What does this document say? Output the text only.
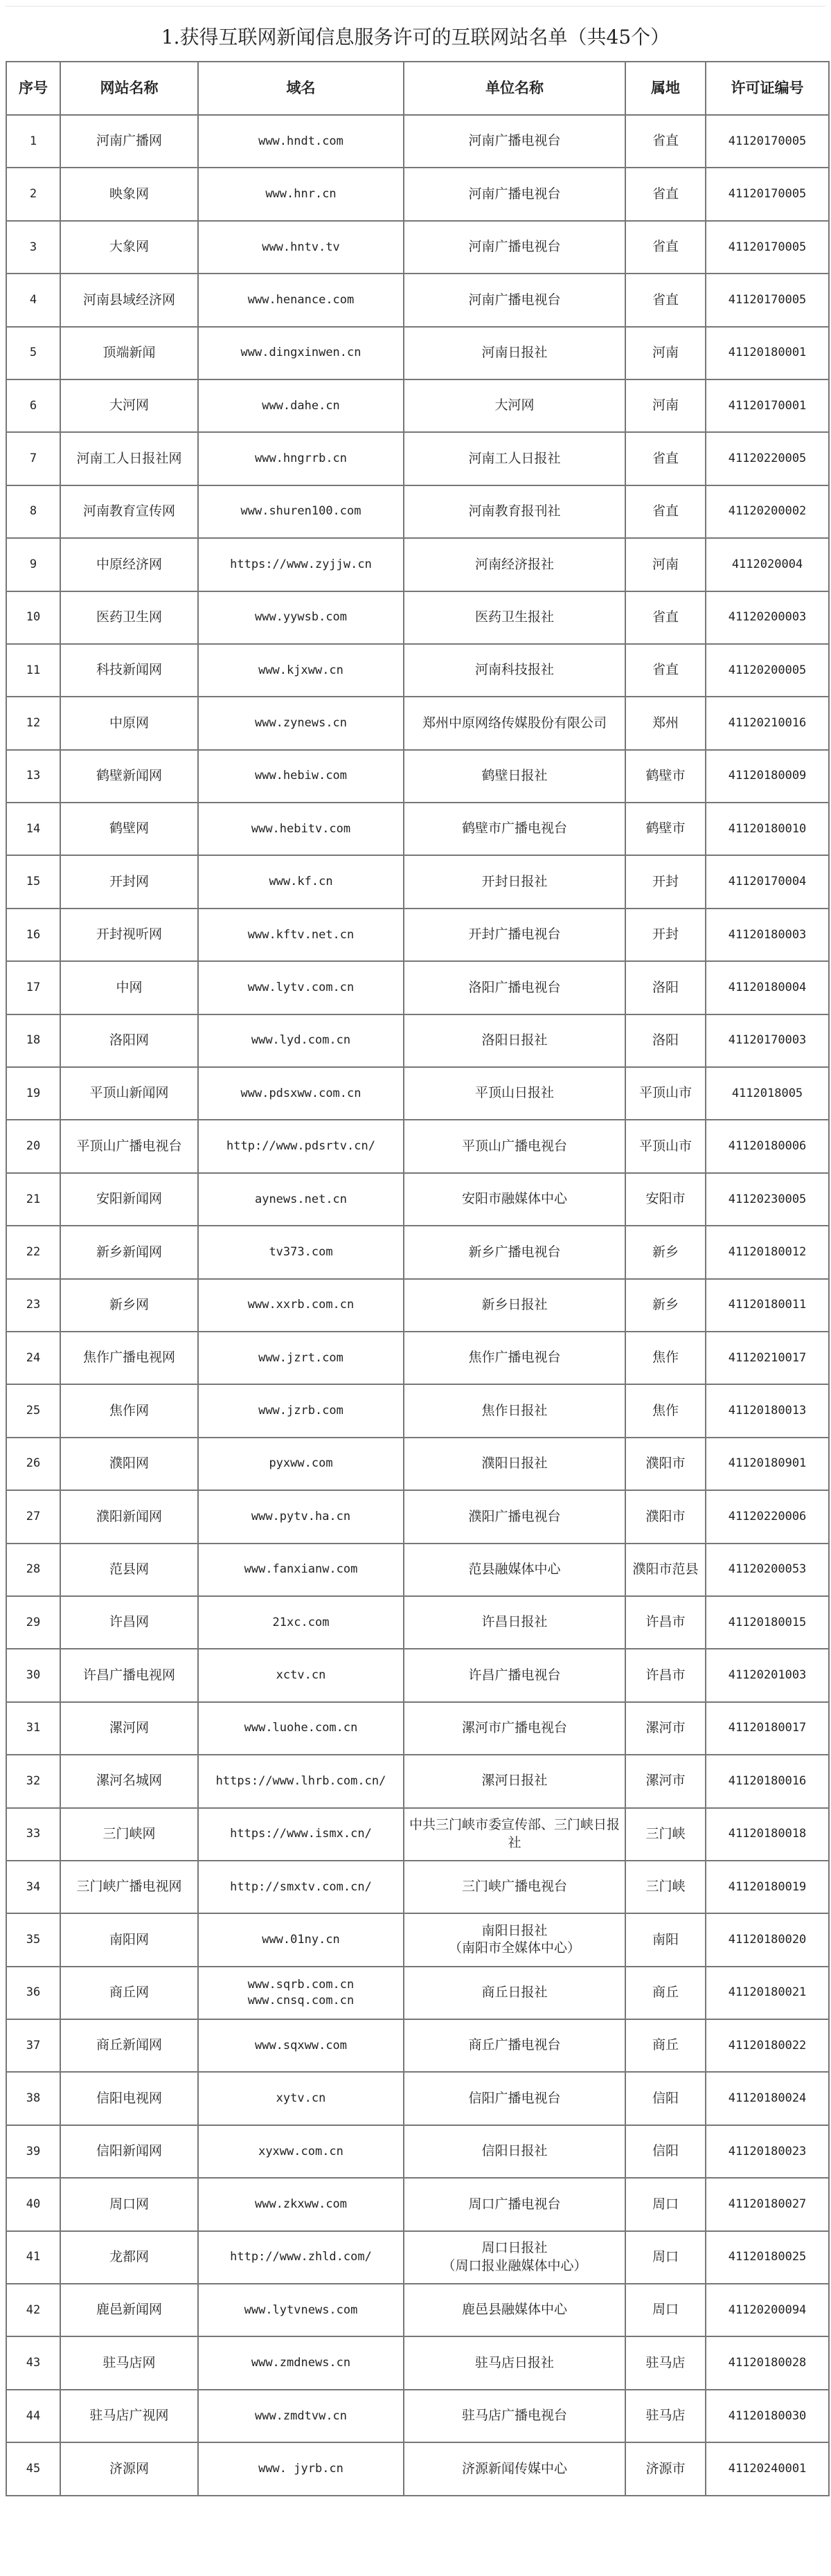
1.获得互联网新闻信息服务许可的互联网站名单（共45个）
序号	网站名称	域名	单位名称	属地	许可证编号
1	河南广播网	www.hndt.com	河南广播电视台	省直	41120170005
2	映象网	www.hnr.cn	河南广播电视台	省直	41120170005
3	大象网	www.hntv.tv	河南广播电视台	省直	41120170005
4	河南县域经济网	www.henance.com	河南广播电视台	省直	41120170005
5	顶端新闻	www.dingxinwen.cn	河南日报社	河南	41120180001
6	大河网	www.dahe.cn	大河网	河南	41120170001
7	河南工人日报社网	www.hngrrb.cn	河南工人日报社	省直	41120220005
8	河南教育宣传网	www.shuren100.com	河南教育报刊社	省直	41120200002
9	中原经济网	https://www.zyjjw.cn	河南经济报社	河南	4112020004
10	医药卫生网	www.yywsb.com	医药卫生报社	省直	41120200003
11	科技新闻网	www.kjxww.cn	河南科技报社	省直	41120200005
12	中原网	www.zynews.cn	郑州中原网络传媒股份有限公司	郑州	41120210016
13	鹤壁新闻网	www.hebiw.com	鹤壁日报社	鹤壁市	41120180009
14	鹤壁网	www.hebitv.com	鹤壁市广播电视台	鹤壁市	41120180010
15	开封网	www.kf.cn	开封日报社	开封	41120170004
16	开封视听网	www.kftv.net.cn	开封广播电视台	开封	41120180003
17	中网	www.lytv.com.cn	洛阳广播电视台	洛阳	41120180004
18	洛阳网	www.lyd.com.cn	洛阳日报社	洛阳	41120170003
19	平顶山新闻网	www.pdsxww.com.cn	平顶山日报社	平顶山市	4112018005
20	平顶山广播电视台	http://www.pdsrtv.cn/	平顶山广播电视台	平顶山市	41120180006
21	安阳新闻网	aynews.net.cn	安阳市融媒体中心	安阳市	41120230005
22	新乡新闻网	tv373.com	新乡广播电视台	新乡	41120180012
23	新乡网	www.xxrb.com.cn	新乡日报社	新乡	41120180011
24	焦作广播电视网	www.jzrt.com	焦作广播电视台	焦作	41120210017
25	焦作网	www.jzrb.com	焦作日报社	焦作	41120180013
26	濮阳网	pyxww.com	濮阳日报社	濮阳市	41120180901
27	濮阳新闻网	www.pytv.ha.cn	濮阳广播电视台	濮阳市	41120220006
28	范县网	www.fanxianw.com	范县融媒体中心	濮阳市范县	41120200053
29	许昌网	21xc.com	许昌日报社	许昌市	41120180015
30	许昌广播电视网	xctv.cn	许昌广播电视台	许昌市	41120201003
31	漯河网	www.luohe.com.cn	漯河市广播电视台	漯河市	41120180017
32	漯河名城网	https://www.lhrb.com.cn/	漯河日报社	漯河市	41120180016
33	三门峡网	https://www.ismx.cn/	中共三门峡市委宣传部、三门峡日报社	三门峡	41120180018
34	三门峡广播电视网	http://smxtv.com.cn/	三门峡广播电视台	三门峡	41120180019
35	南阳网	www.01ny.cn	南阳日报社
（南阳市全媒体中心）	南阳	41120180020
36	商丘网	www.sqrb.com.cn
www.cnsq.com.cn	商丘日报社	商丘	41120180021
37	商丘新闻网	www.sqxww.com	商丘广播电视台	商丘	41120180022
38	信阳电视网	xytv.cn	信阳广播电视台	信阳	41120180024
39	信阳新闻网	xyxww.com.cn	信阳日报社	信阳	41120180023
40	周口网	www.zkxww.com	周口广播电视台	周口	41120180027
41	龙都网	http://www.zhld.com/	周口日报社
（周口报业融媒体中心）	周口	41120180025
42	鹿邑新闻网	www.lytvnews.com	鹿邑县融媒体中心	周口	41120200094
43	驻马店网	www.zmdnews.cn	驻马店日报社	驻马店	41120180028
44	驻马店广视网	www.zmdtvw.cn	驻马店广播电视台	驻马店	41120180030
45	济源网	www. jyrb.cn	济源新闻传媒中心	济源市	41120240001
